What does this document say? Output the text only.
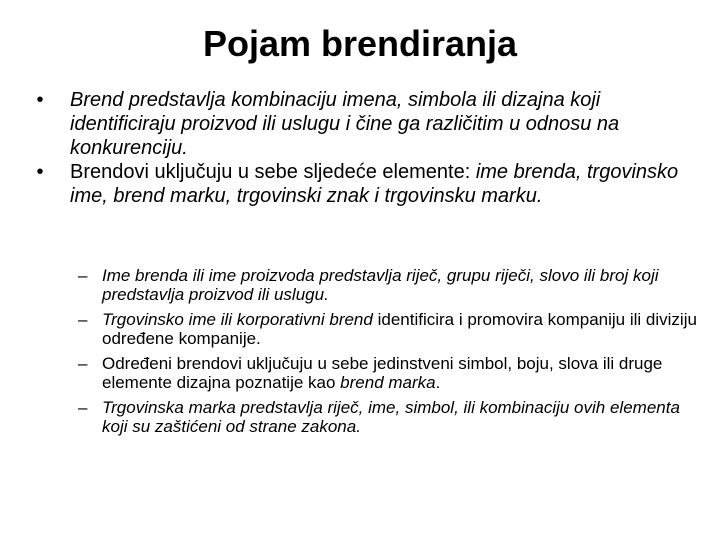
Pojam brendiranja
•	Brend predstavlja kombinaciju imena, simbola ili dizajna koji identificiraju proizvod ili uslugu i čine ga različitim u odnosu na konkurenciju.
•	Brendovi uključuju u sebe sljedeće elemente: ime brenda, trgovinsko ime, brend marku, trgovinski znak i trgovinsku marku.
– Ime brenda ili ime proizvoda predstavlja riječ, grupu riječi, slovo ili broj koji predstavlja proizvod ili uslugu.
– Trgovinsko ime ili korporativni brend identificira i promovira kompaniju ili diviziju određene kompanije.
– Određeni brendovi uključuju u sebe jedinstveni simbol, boju, slova ili druge elemente dizajna poznatije kao brend marka.
– Trgovinska marka predstavlja riječ, ime, simbol, ili kombinaciju ovih elementa koji su zaštićeni od strane zakona.
